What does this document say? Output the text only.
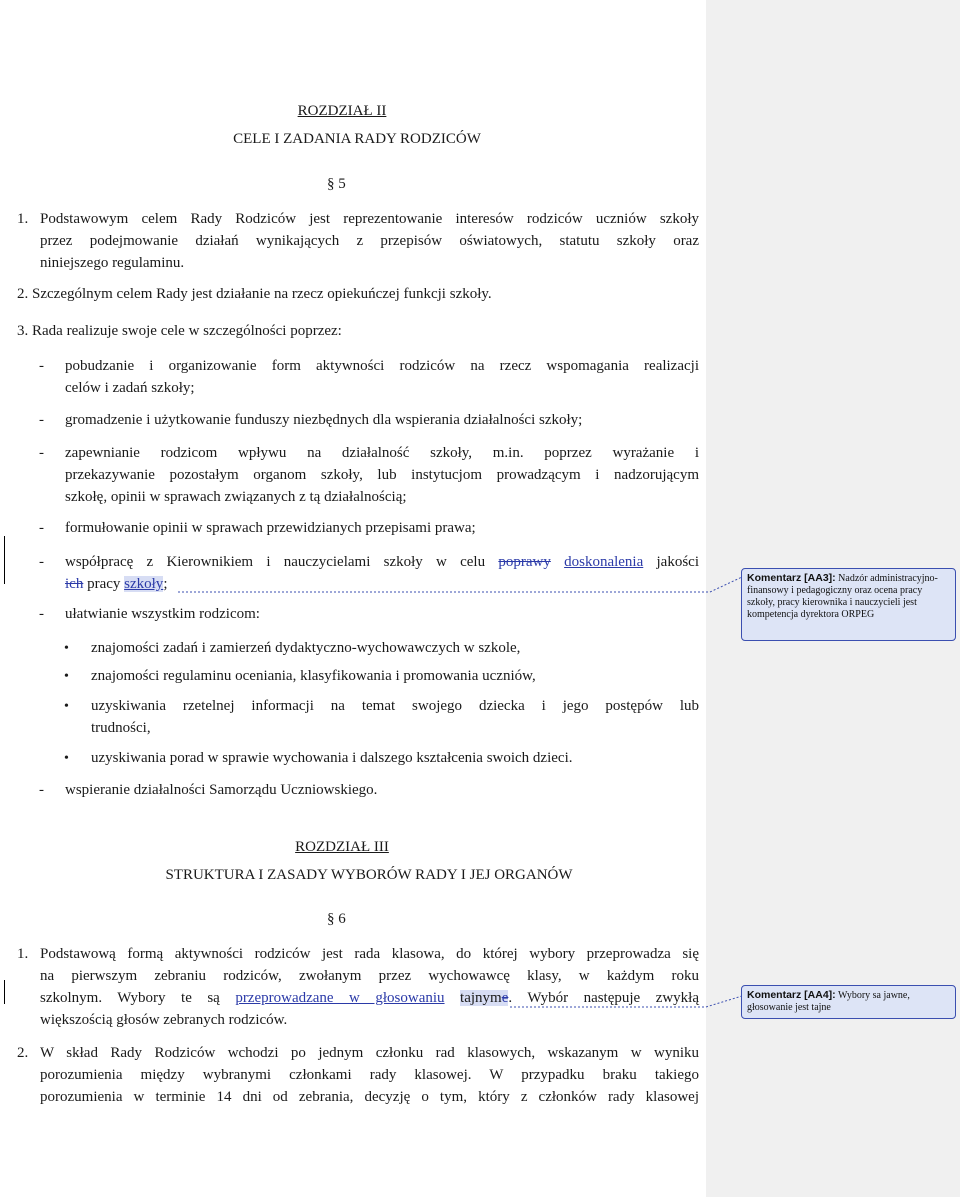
ROZDZIAŁ II
CELE I ZADANIA RADY RODZICÓW
§ 5
1. Podstawowym celem Rady Rodziców jest reprezentowanie interesów rodziców uczniów szkoły
przez podejmowanie działań wynikających z przepisów oświatowych, statutu szkoły oraz
niniejszego regulaminu.
2. Szczególnym celem Rady jest działanie na rzecz opiekuńczej funkcji szkoły.
3. Rada realizuje swoje cele w szczególności poprzez:
- pobudzanie i organizowanie form aktywności rodziców na rzecz wspomagania realizacji
celów i zadań szkoły;
- gromadzenie i użytkowanie funduszy niezbędnych dla wspierania działalności szkoły;
- zapewnianie rodzicom wpływu na działalność szkoły, m.in. poprzez wyrażanie i
przekazywanie pozostałym organom szkoły, lub instytucjom prowadzącym i nadzorującym
szkołę, opinii w sprawach związanych z tą działalnością;
- formułowanie opinii w sprawach przewidzianych przepisami prawa;
- współpracę z Kierownikiem i nauczycielami szkoły w celu poprawy doskonalenia jakości
ich pracy szkoły;
- ułatwianie wszystkim rodzicom:
• znajomości zadań i zamierzeń dydaktyczno-wychowawczych w szkole,
• znajomości regulaminu oceniania, klasyfikowania i promowania uczniów,
• uzyskiwania rzetelnej informacji na temat swojego dziecka i jego postępów lub
trudności,
• uzyskiwania porad w sprawie wychowania i dalszego kształcenia swoich dzieci.
- wspieranie działalności Samorządu Uczniowskiego.
ROZDZIAŁ III
STRUKTURA I ZASADY WYBORÓW RADY I JEJ ORGANÓW
§ 6
1. Podstawową formą aktywności rodziców jest rada klasowa, do której wybory przeprowadza się
na pierwszym zebraniu rodziców, zwołanym przez wychowawcę klasy, w każdym roku
szkolnym. Wybory te są przeprowadzane w głosowaniu tajnyme. Wybór następuje zwykłą
większością głosów zebranych rodziców.
2. W skład Rady Rodziców wchodzi po jednym członku rad klasowych, wskazanym w wyniku
porozumienia między wybranymi członkami rady klasowej. W przypadku braku takiego
porozumienia w terminie 14 dni od zebrania, decyzję o tym, który z członków rady klasowej
Komentarz [AA3]: Nadzór administracyjno- finansowy i pedagogiczny oraz ocena pracy szkoły, pracy kierownika i nauczycieli jest kompetencja dyrektora ORPEG
Komentarz [AA4]: Wybory sa jawne, głosowanie jest tajne
